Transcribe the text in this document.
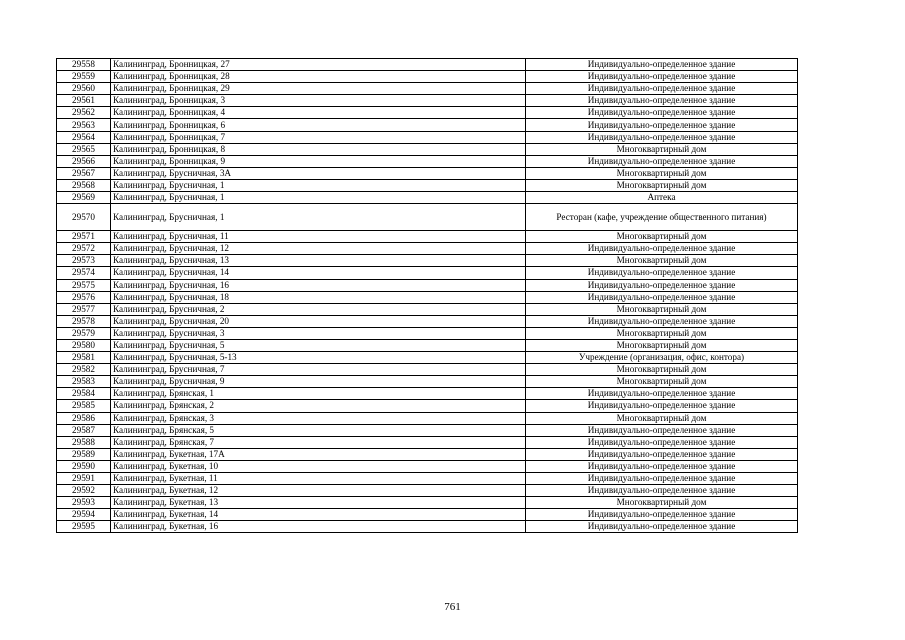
29558	Калининград, Бронницкая, 27	Индивидуально-определенное здание
29559	Калининград, Бронницкая, 28	Индивидуально-определенное здание
29560	Калининград, Бронницкая, 29	Индивидуально-определенное здание
29561	Калининград, Бронницкая, 3	Индивидуально-определенное здание
29562	Калининград, Бронницкая, 4	Индивидуально-определенное здание
29563	Калининград, Бронницкая, 6	Индивидуально-определенное здание
29564	Калининград, Бронницкая, 7	Индивидуально-определенное здание
29565	Калининград, Бронницкая, 8	Многоквартирный дом
29566	Калининград, Бронницкая, 9	Индивидуально-определенное здание
29567	Калининград, Брусничная, 3А	Многоквартирный дом
29568	Калининград, Брусничная, 1	Многоквартирный дом
29569	Калининград, Брусничная, 1	Аптека
29570	Калининград, Брусничная, 1	Ресторан (кафе, учреждение общественного питания)
29571	Калининград, Брусничная, 11	Многоквартирный дом
29572	Калининград, Брусничная, 12	Индивидуально-определенное здание
29573	Калининград, Брусничная, 13	Многоквартирный дом
29574	Калининград, Брусничная, 14	Индивидуально-определенное здание
29575	Калининград, Брусничная, 16	Индивидуально-определенное здание
29576	Калининград, Брусничная, 18	Индивидуально-определенное здание
29577	Калининград, Брусничная, 2	Многоквартирный дом
29578	Калининград, Брусничная, 20	Индивидуально-определенное здание
29579	Калининград, Брусничная, 3	Многоквартирный дом
29580	Калининград, Брусничная, 5	Многоквартирный дом
29581	Калининград, Брусничная, 5-13	Учреждение (организация, офис, контора)
29582	Калининград, Брусничная, 7	Многоквартирный дом
29583	Калининград, Брусничная, 9	Многоквартирный дом
29584	Калининград, Брянская, 1	Индивидуально-определенное здание
29585	Калининград, Брянская, 2	Индивидуально-определенное здание
29586	Калининград, Брянская, 3	Многоквартирный дом
29587	Калининград, Брянская, 5	Индивидуально-определенное здание
29588	Калининград, Брянская, 7	Индивидуально-определенное здание
29589	Калининград, Букетная, 17А	Индивидуально-определенное здание
29590	Калининград, Букетная, 10	Индивидуально-определенное здание
29591	Калининград, Букетная, 11	Индивидуально-определенное здание
29592	Калининград, Букетная, 12	Индивидуально-определенное здание
29593	Калининград, Букетная, 13	Многоквартирный дом
29594	Калининград, Букетная, 14	Индивидуально-определенное здание
29595	Калининград, Букетная, 16	Индивидуально-определенное здание
761
